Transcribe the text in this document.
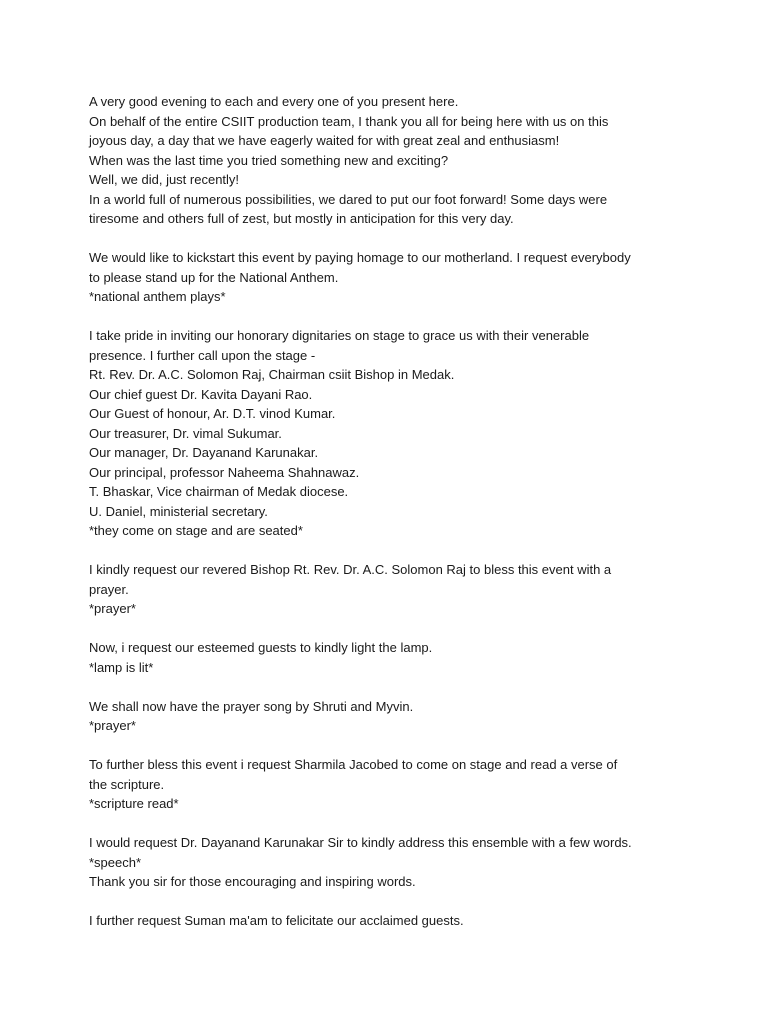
A very good evening to each and every one of you present here.
On behalf of the entire CSIIT production team, I thank you all for being here with us on this
joyous day, a day that we have eagerly waited for with great zeal and enthusiasm!
When was the last time you tried something new and exciting?
Well, we did, just recently!
In a world full of numerous possibilities, we dared to put our foot forward! Some days were
tiresome and others full of zest, but mostly in anticipation for this very day.
We would like to kickstart this event by paying homage to our motherland. I request everybody
to please stand up for the National Anthem.
*national anthem plays*
I take pride in inviting our honorary dignitaries on stage to grace us with their venerable
presence. I further call upon the stage -
Rt. Rev. Dr. A.C. Solomon Raj, Chairman csiit Bishop in Medak.
Our chief guest Dr. Kavita Dayani Rao.
Our Guest of honour, Ar. D.T. vinod Kumar.
Our treasurer, Dr. vimal Sukumar.
Our manager, Dr. Dayanand Karunakar.
Our principal, professor Naheema Shahnawaz.
T. Bhaskar, Vice chairman of Medak diocese.
U. Daniel, ministerial secretary.
*they come on stage and are seated*
I kindly request our revered Bishop Rt. Rev. Dr. A.C. Solomon Raj to bless this event with a
prayer.
*prayer*
Now, i request our esteemed guests to kindly light the lamp.
*lamp is lit*
We shall now have the prayer song by Shruti and Myvin.
*prayer*
To further bless this event i request Sharmila Jacobed to come on stage and read a verse of
the scripture.
*scripture read*
I would request Dr. Dayanand Karunakar Sir to kindly address this ensemble with a few words.
*speech*
Thank you sir for those encouraging and inspiring words.
I further request Suman ma'am to felicitate our acclaimed guests.
